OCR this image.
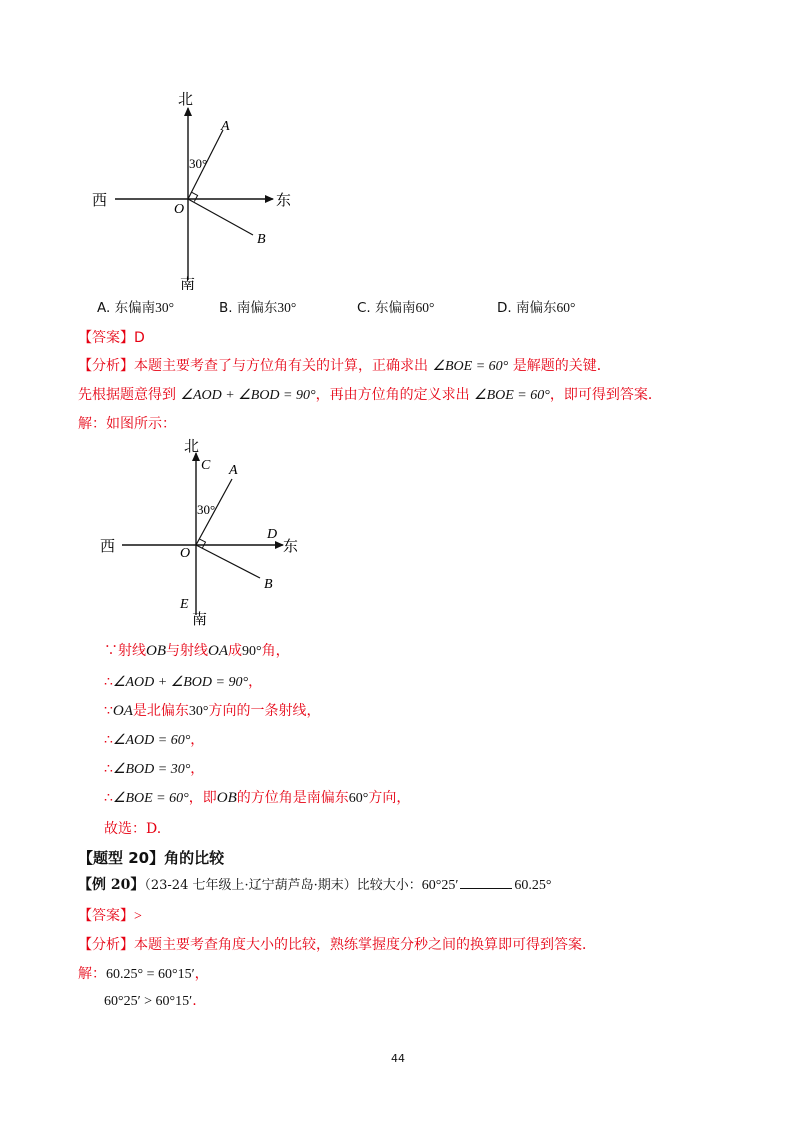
北
南
西	东
A
B
O
30°
A. 东偏南30°	B. 南偏东30°	C. 东偏南60°	D. 南偏东60°
【答案】D
【分析】本题主要考查了与方位角有关的计算，正确求出 ∠BOE = 60° 是解题的关键．
先根据题意得到 ∠AOD + ∠BOD = 90°，再由方位角的定义求出 ∠BOE = 60°，即可得到答案．
解：如图所示：
北
南
西	东
C A
D
B
O
E
30°
∵射线OB与射线OA成90°角，
∴∠AOD + ∠BOD = 90°，
∵OA是北偏东30°方向的一条射线，
∴∠AOD = 60°，
∴∠BOD = 30°，
∴∠BOE = 60°，即OB的方位角是南偏东60°方向，
故选：D.
【题型 20】角的比较
【例 20】（23-24 七年级上·辽宁葫芦岛·期末）比较大小：60°25′	60.25°
【答案】>
【分析】本题主要考查角度大小的比较，熟练掌握度分秒之间的换算即可得到答案．
解：60.25° = 60°15′，
60°25′ > 60°15′.
44
